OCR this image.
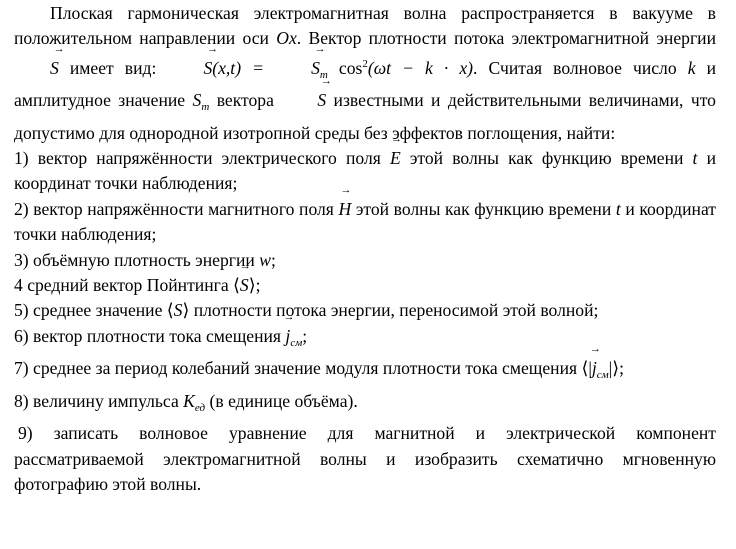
Плоская гармоническая электромагнитная волна распространяется в вакууме в положительном направлении оси Ox. Вектор плотности потока электромагнитной энергии → S имеет вид: → S(x,t) = → $S_m$ $\cos^2(\omega t - k \cdot x)$. Считая волновое число k и амплитудное значение $S_m$ вектора → S известными и действительными величинами, что допустимо для однородной изотропной среды без эффектов поглощения, найти:

1) вектор напряжённости электрического поля → E этой волны как функцию времени t и координат точки наблюдения;

2) вектор напряжённости магнитного поля → H этой волны как функцию времени t и координат точки наблюдения;

3) объёмную плотность энергии w;

4 средний вектор Пойнтинга ⟨→ S⟩;

5) среднее значение ⟨S⟩ плотности потока энергии, переносимой этой волной;

6) вектор плотности тока смещения → $j_{см}$;

7) среднее за период колебаний значение модуля плотности тока смещения ⟨|→ $j_{см}|⟩$;

8) величину импульса $K_{ед}$ (в единице объёма).

9) записать волновое уравнение для магнитной и электрической компонент рассматриваемой электромагнитной волны и изобразить схематично мгновенную фотографию этой волны.
